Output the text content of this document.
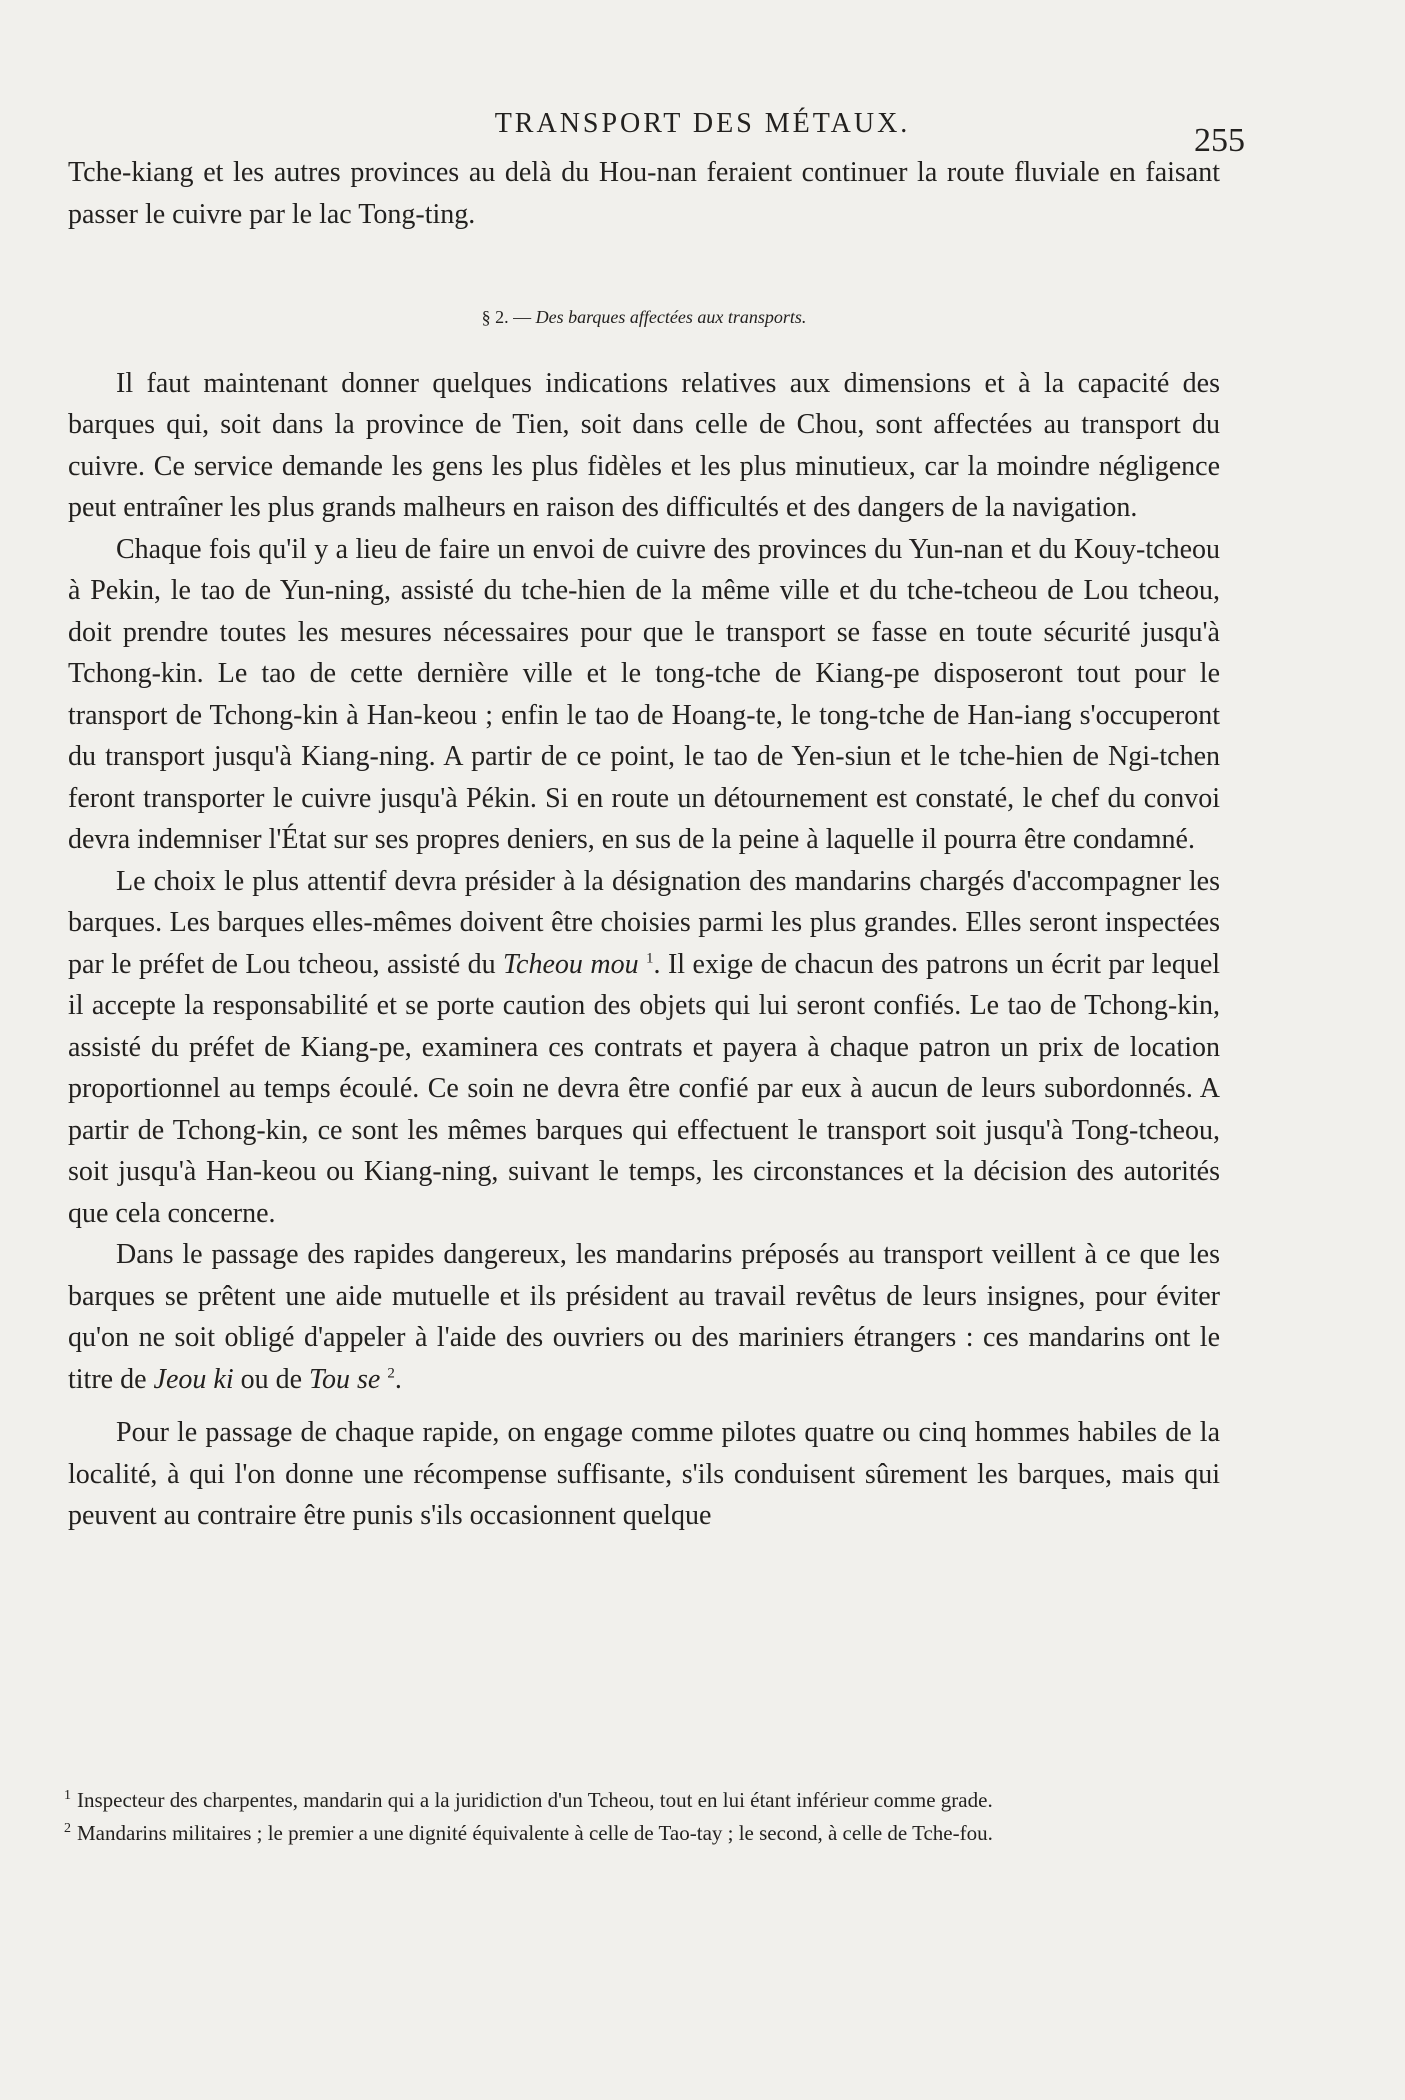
TRANSPORT DES MÉTAUX.	255

Tche-kiang et les autres provinces au delà du Hou-nan feraient continuer la route fluviale en faisant passer le cuivre par le lac Tong-ting.

§ 2. — Des barques affectées aux transports.

Il faut maintenant donner quelques indications relatives aux dimensions et à la capacité des barques qui, soit dans la province de Tien, soit dans celle de Chou, sont affectées au transport du cuivre. Ce service demande les gens les plus fidèles et les plus minutieux, car la moindre négligence peut entraîner les plus grands malheurs en raison des difficultés et des dangers de la navigation.

Chaque fois qu'il y a lieu de faire un envoi de cuivre des provinces du Yun-nan et du Kouy-tcheou à Pekin, le tao de Yun-ning, assisté du tche-hien de la même ville et du tche-tcheou de Lou tcheou, doit prendre toutes les mesures nécessaires pour que le transport se fasse en toute sécurité jusqu'à Tchong-kin. Le tao de cette dernière ville et le tong-tche de Kiang-pe disposeront tout pour le transport de Tchong-kin à Han-keou ; enfin le tao de Hoang-te, le tong-tche de Han-iang s'occuperont du transport jusqu'à Kiang-ning. A partir de ce point, le tao de Yen-siun et le tche-hien de Ngi-tchen feront transporter le cuivre jusqu'à Pékin. Si en route un détournement est constaté, le chef du convoi devra indemniser l'État sur ses propres deniers, en sus de la peine à laquelle il pourra être condamné.

Le choix le plus attentif devra présider à la désignation des mandarins chargés d'accompagner les barques. Les barques elles-mêmes doivent être choisies parmi les plus grandes. Elles seront inspectées par le préfet de Lou tcheou, assisté du Tcheou mou $^1$. Il exige de chacun des patrons un écrit par lequel il accepte la responsabilité et se porte caution des objets qui lui seront confiés. Le tao de Tchong-kin, assisté du préfet de Kiang-pe, examinera ces contrats et payera à chaque patron un prix de location proportionnel au temps écoulé. Ce soin ne devra être confié par eux à aucun de leurs subordonnés. A partir de Tchong-kin, ce sont les mêmes barques qui effectuent le transport soit jusqu'à Tong-tcheou, soit jusqu'à Han-keou ou Kiang-ning, suivant le temps, les circonstances et la décision des autorités que cela concerne.

Dans le passage des rapides dangereux, les mandarins préposés au transport veillent à ce que les barques se prêtent une aide mutuelle et ils président au travail revêtus de leurs insignes, pour éviter qu'on ne soit obligé d'appeler à l'aide des ouvriers ou des mariniers étrangers : ces mandarins ont le titre de Jeou ki ou de Tou se $^2$.

Pour le passage de chaque rapide, on engage comme pilotes quatre ou cinq hommes habiles de la localité, à qui l'on donne une récompense suffisante, s'ils conduisent sûrement les barques, mais qui peuvent au contraire être punis s'ils occasionnent quelque

$^1$ Inspecteur des charpentes, mandarin qui a la juridiction d'un Tcheou, tout en lui étant inférieur comme grade.

$^2$ Mandarins militaires ; le premier a une dignité équivalente à celle de Tao-tay ; le second, à celle de Tche-fou.
